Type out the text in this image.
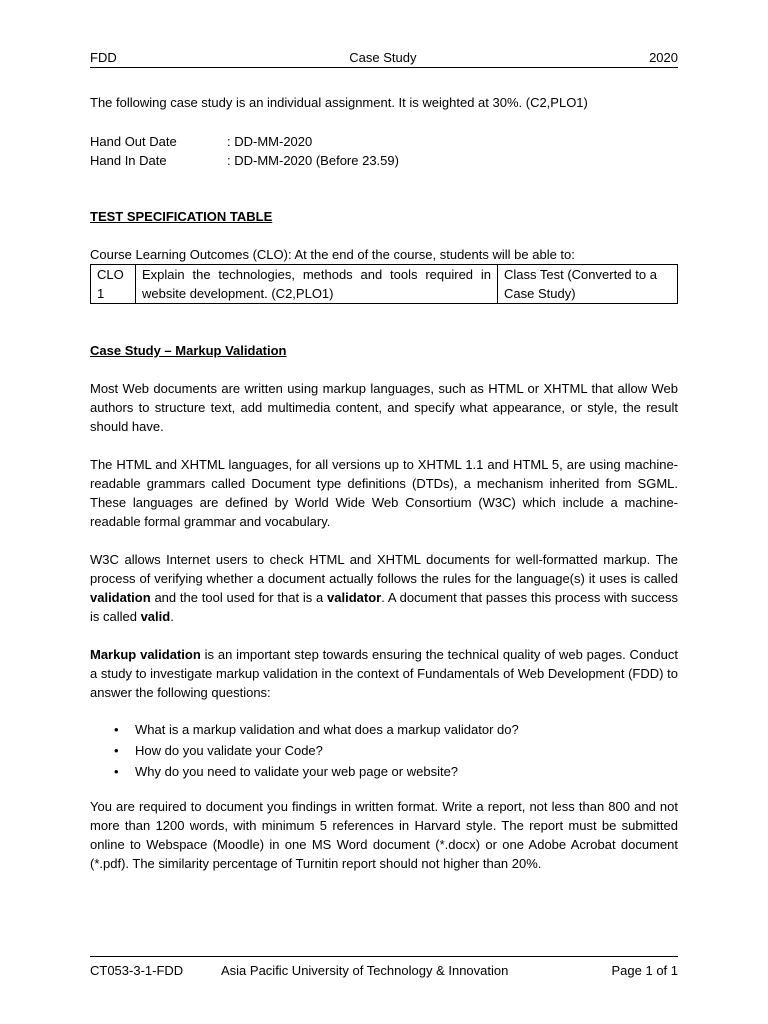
FDD	Case Study	2020

The following case study is an individual assignment. It is weighted at 30%. (C2,PLO1)

Hand Out Date	: DD-MM-2020
Hand In Date	: DD-MM-2020 (Before 23.59)

TEST SPECIFICATION TABLE

Course Learning Outcomes (CLO): At the end of the course, students will be able to:

CLO 1	Explain the technologies, methods and tools required in website development. (C2,PLO1)	Class Test (Converted to a Case Study)

Case Study – Markup Validation

Most Web documents are written using markup languages, such as HTML or XHTML that allow Web authors to structure text, add multimedia content, and specify what appearance, or style, the result should have.

The HTML and XHTML languages, for all versions up to XHTML 1.1 and HTML 5, are using machine-readable grammars called Document type definitions (DTDs), a mechanism inherited from SGML. These languages are defined by World Wide Web Consortium (W3C) which include a machine-readable formal grammar and vocabulary.

W3C allows Internet users to check HTML and XHTML documents for well-formatted markup. The process of verifying whether a document actually follows the rules for the language(s) it uses is called validation and the tool used for that is a validator. A document that passes this process with success is called valid.

Markup validation is an important step towards ensuring the technical quality of web pages. Conduct a study to investigate markup validation in the context of Fundamentals of Web Development (FDD) to answer the following questions:

• What is a markup validation and what does a markup validator do?
• How do you validate your Code?
• Why do you need to validate your web page or website?

You are required to document you findings in written format. Write a report, not less than 800 and not more than 1200 words, with minimum 5 references in Harvard style. The report must be submitted online to Webspace (Moodle) in one MS Word document (*.docx) or one Adobe Acrobat document (*.pdf). The similarity percentage of Turnitin report should not higher than 20%.

CT053-3-1-FDD	Asia Pacific University of Technology & Innovation	Page 1 of 1
